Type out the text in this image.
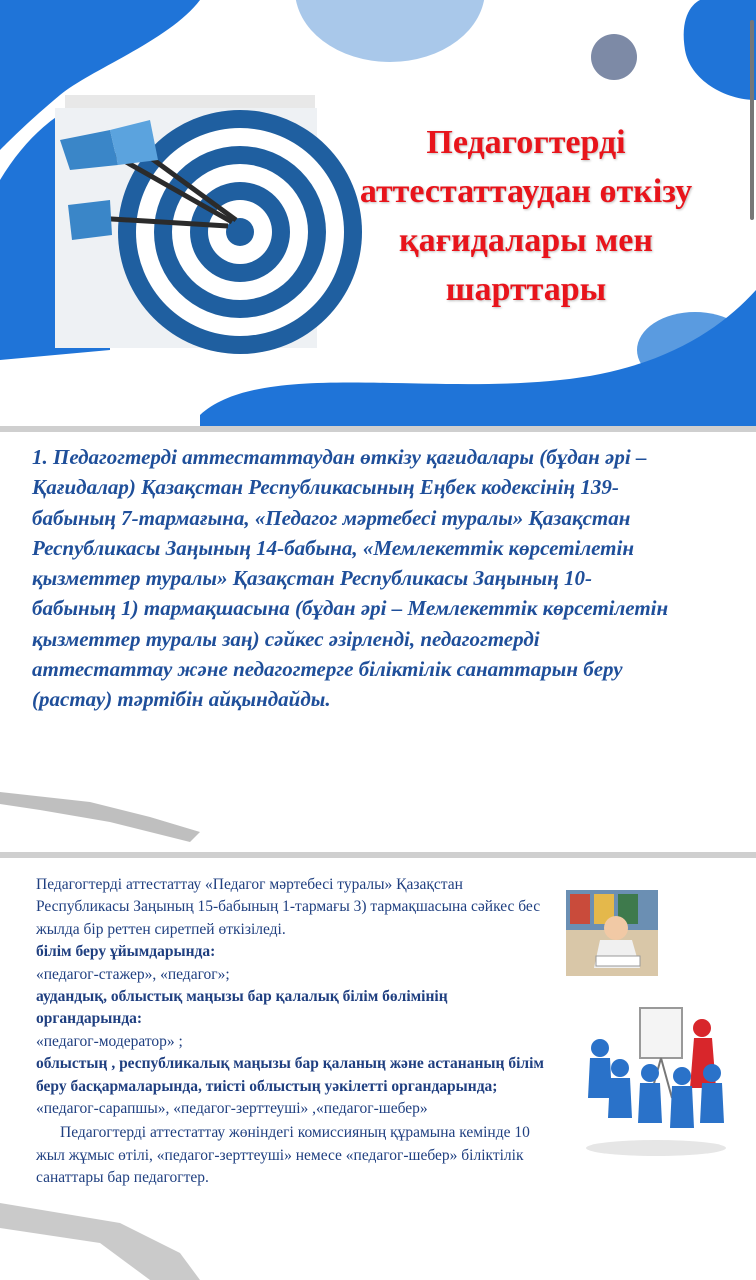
Педагогтерді аттестаттаудан өткізу қағидалары мен шарттары
1. Педагогтерді аттестаттаудан өткізу қағидалары (бұдан әрі – Қағидалар) Қазақстан Республикасының Еңбек кодексінің 139-бабының 7-тармағына, «Педагог мәртебесі туралы» Қазақстан Республикасы Заңының 14-бабына, «Мемлекеттік көрсетілетін қызметтер туралы» Қазақстан Республикасы Заңының 10-бабының 1) тармақшасына (бұдан әрі – Мемлекеттік көрсетілетін қызметтер туралы заң) сәйкес әзірленді, педагогтерді аттестаттау және педагогтерге біліктілік санаттарын беру (растау) тәртібін айқындайды.
Педагогтерді аттестаттау «Педагог мәртебесі туралы» Қазақстан Республикасы Заңының 15-бабының 1-тармағы 3) тармақшасына сәйкес бес жылда бір реттен сиретпей өткізіледі.
білім беру ұйымдарында:
«педагог-стажер», «педагог»;
аудандық, облыстық маңызы бар қалалық білім бөлімінің органдарында:
«педагог-модератор» ;
облыстың , республикалық маңызы бар қаланың және астананың білім беру басқармаларында, тиісті облыстың уәкілетті органдарында; «педагог-сарапшы», «педагог-зерттеуші» ,«педагог-шебер»
Педагогтерді аттестаттау жөніндегі комиссияның құрамына кемінде 10 жыл жұмыс өтілі, «педагог-зерттеуші» немесе «педагог-шебер» біліктілік санаттары бар педагогтер.
